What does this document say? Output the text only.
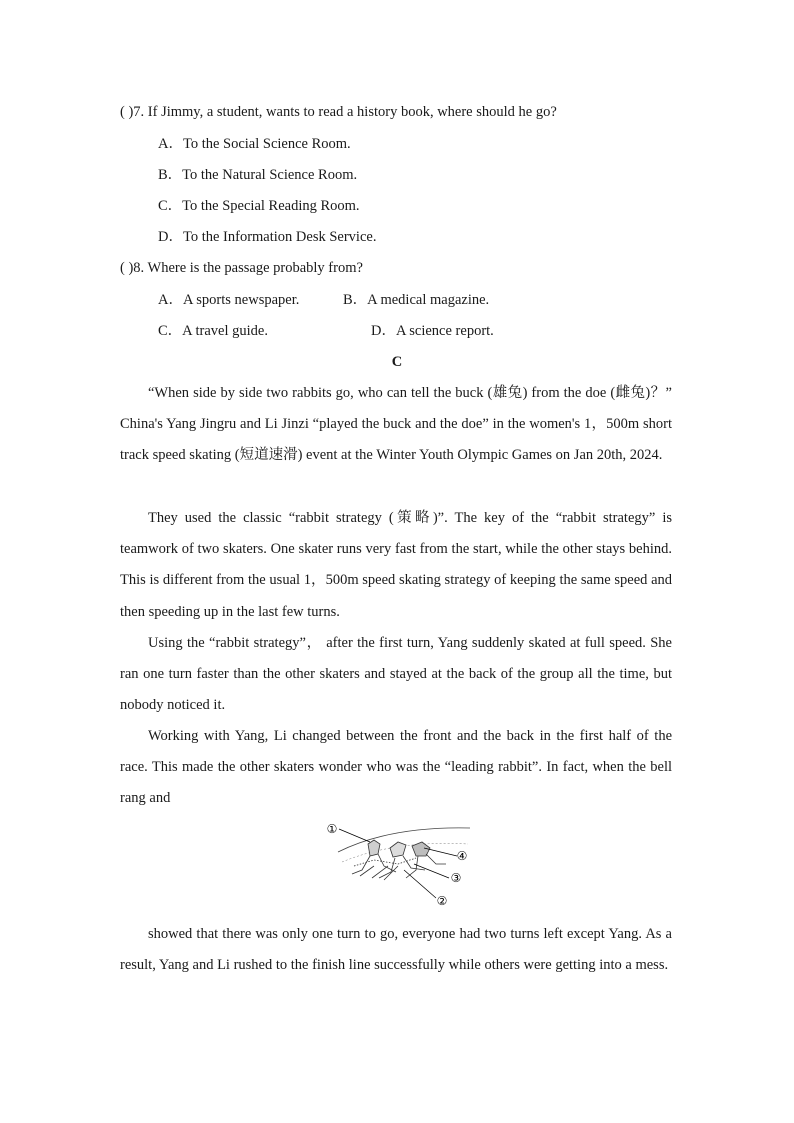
( )7. If Jimmy, a student, wants to read a history book, where should he go?
A．To the Social Science Room.
B．To the Natural Science Room.
C．To the Special Reading Room.
D．To the Information Desk Service.
( )8. Where is the passage probably from?
A．A sports newspaper.	B．A medical magazine.
C．A travel guide.	D．A science report.
C

“When side by side two rabbits go, who can tell the buck (雄兔) from the doe (雌兔)？” China's Yang Jingru and Li Jinzi “played the buck and the doe” in the women's 1，500m short track speed skating (短道速滑) event at the Winter Youth Olympic Games on Jan 20th, 2024.

They used the classic “rabbit strategy (策略)”. The key of the “rabbit strategy” is teamwork of two skaters. One skater runs very fast from the start, while the other stays behind. This is different from the usual 1，500m speed skating strategy of keeping the same speed and then speeding up in the last few turns.

Using the “rabbit strategy”， after the first turn, Yang suddenly skated at full speed. She ran one turn faster than the other skaters and stayed at the back of the group all the time, but nobody noticed it.

Working with Yang, Li changed between the front and the back in the first half of the race. This made the other skaters wonder who was the “leading rabbit”. In fact, when the bell rang and

①
④
③
②

showed that there was only one turn to go, everyone had two turns left except Yang. As a result, Yang and Li rushed to the finish line successfully while others were getting into a mess.
